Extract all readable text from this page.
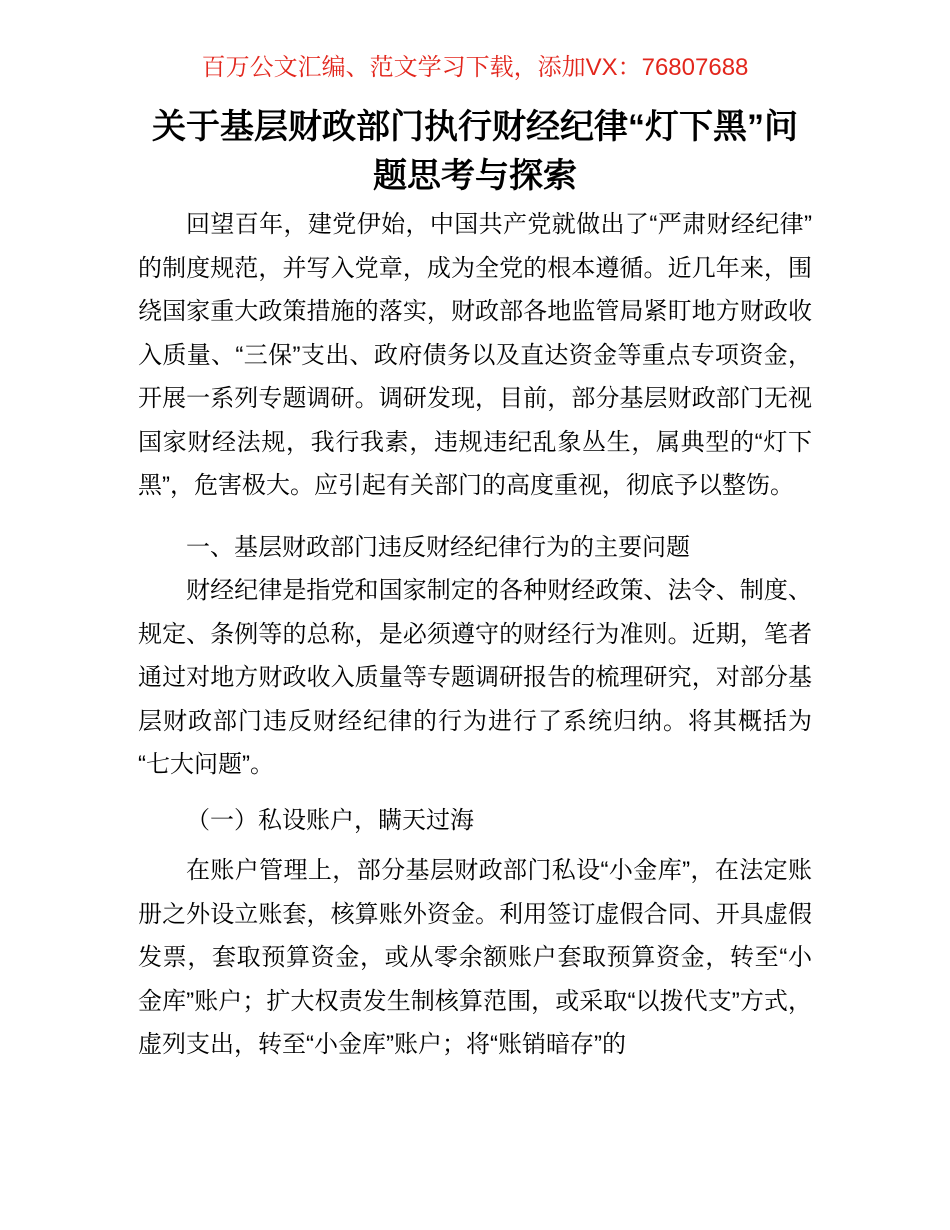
百万公文汇编、范文学习下载，添加VX：76807688
关于基层财政部门执行财经纪律“灯下黑”问题思考与探索

回望百年，建党伊始，中国共产党就做出了“严肃财经纪律”的制度规范，并写入党章，成为全党的根本遵循。近几年来，围绕国家重大政策措施的落实，财政部各地监管局紧盯地方财政收入质量、“三保”支出、政府债务以及直达资金等重点专项资金，开展一系列专题调研。调研发现，目前，部分基层财政部门无视国家财经法规，我行我素，违规违纪乱象丛生，属典型的“灯下黑”，危害极大。应引起有关部门的高度重视，彻底予以整饬。

一、基层财政部门违反财经纪律行为的主要问题

财经纪律是指党和国家制定的各种财经政策、法令、制度、规定、条例等的总称，是必须遵守的财经行为准则。近期，笔者通过对地方财政收入质量等专题调研报告的梳理研究，对部分基层财政部门违反财经纪律的行为进行了系统归纳。将其概括为“七大问题”。

（一）私设账户，瞒天过海

在账户管理上，部分基层财政部门私设“小金库”，在法定账册之外设立账套，核算账外资金。利用签订虚假合同、开具虚假发票，套取预算资金，或从零余额账户套取预算资金，转至“小金库”账户；扩大权责发生制核算范围，或采取“以拨代支”方式，虚列支出，转至“小金库”账户；将“账销暗存”的
